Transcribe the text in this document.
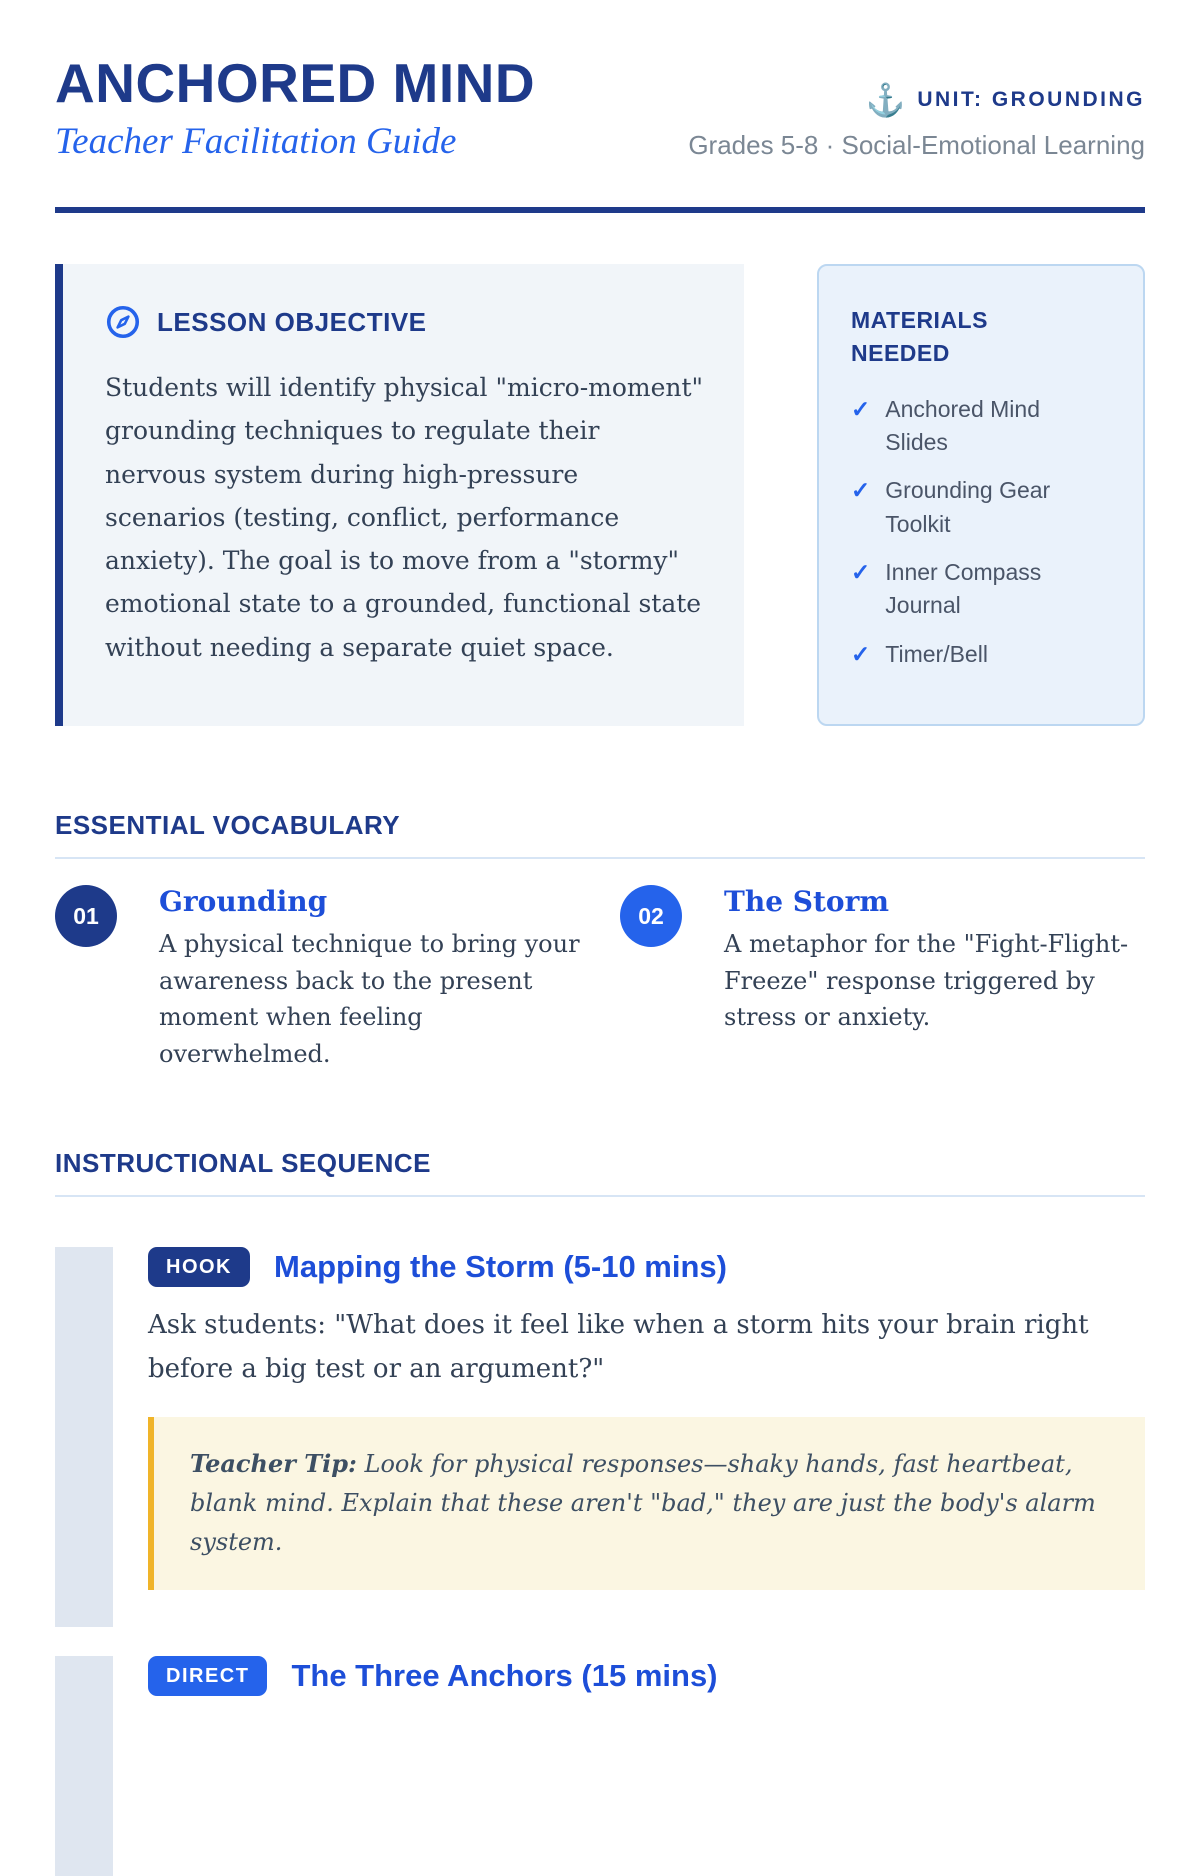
ANCHORED MIND
Teacher Facilitation Guide
⚓ UNIT: GROUNDING
Grades 5-8 · Social-Emotional Learning
LESSON OBJECTIVE
Students will identify physical "micro-moment" grounding techniques to regulate their nervous system during high-pressure scenarios (testing, conflict, performance anxiety). The goal is to move from a "stormy" emotional state to a grounded, functional state without needing a separate quiet space.
MATERIALS NEEDED
✓ Anchored Mind Slides
✓ Grounding Gear Toolkit
✓ Inner Compass Journal
✓ Timer/Bell
ESSENTIAL VOCABULARY
01	Grounding
A physical technique to bring your awareness back to the present moment when feeling overwhelmed.
02	The Storm
A metaphor for the "Fight-Flight-Freeze" response triggered by stress or anxiety.
INSTRUCTIONAL SEQUENCE
HOOK	Mapping the Storm (5-10 mins)
Ask students: "What does it feel like when a storm hits your brain right before a big test or an argument?"
Teacher Tip: Look for physical responses—shaky hands, fast heartbeat, blank mind. Explain that these aren't "bad," they are just the body's alarm system.
DIRECT	The Three Anchors (15 mins)
